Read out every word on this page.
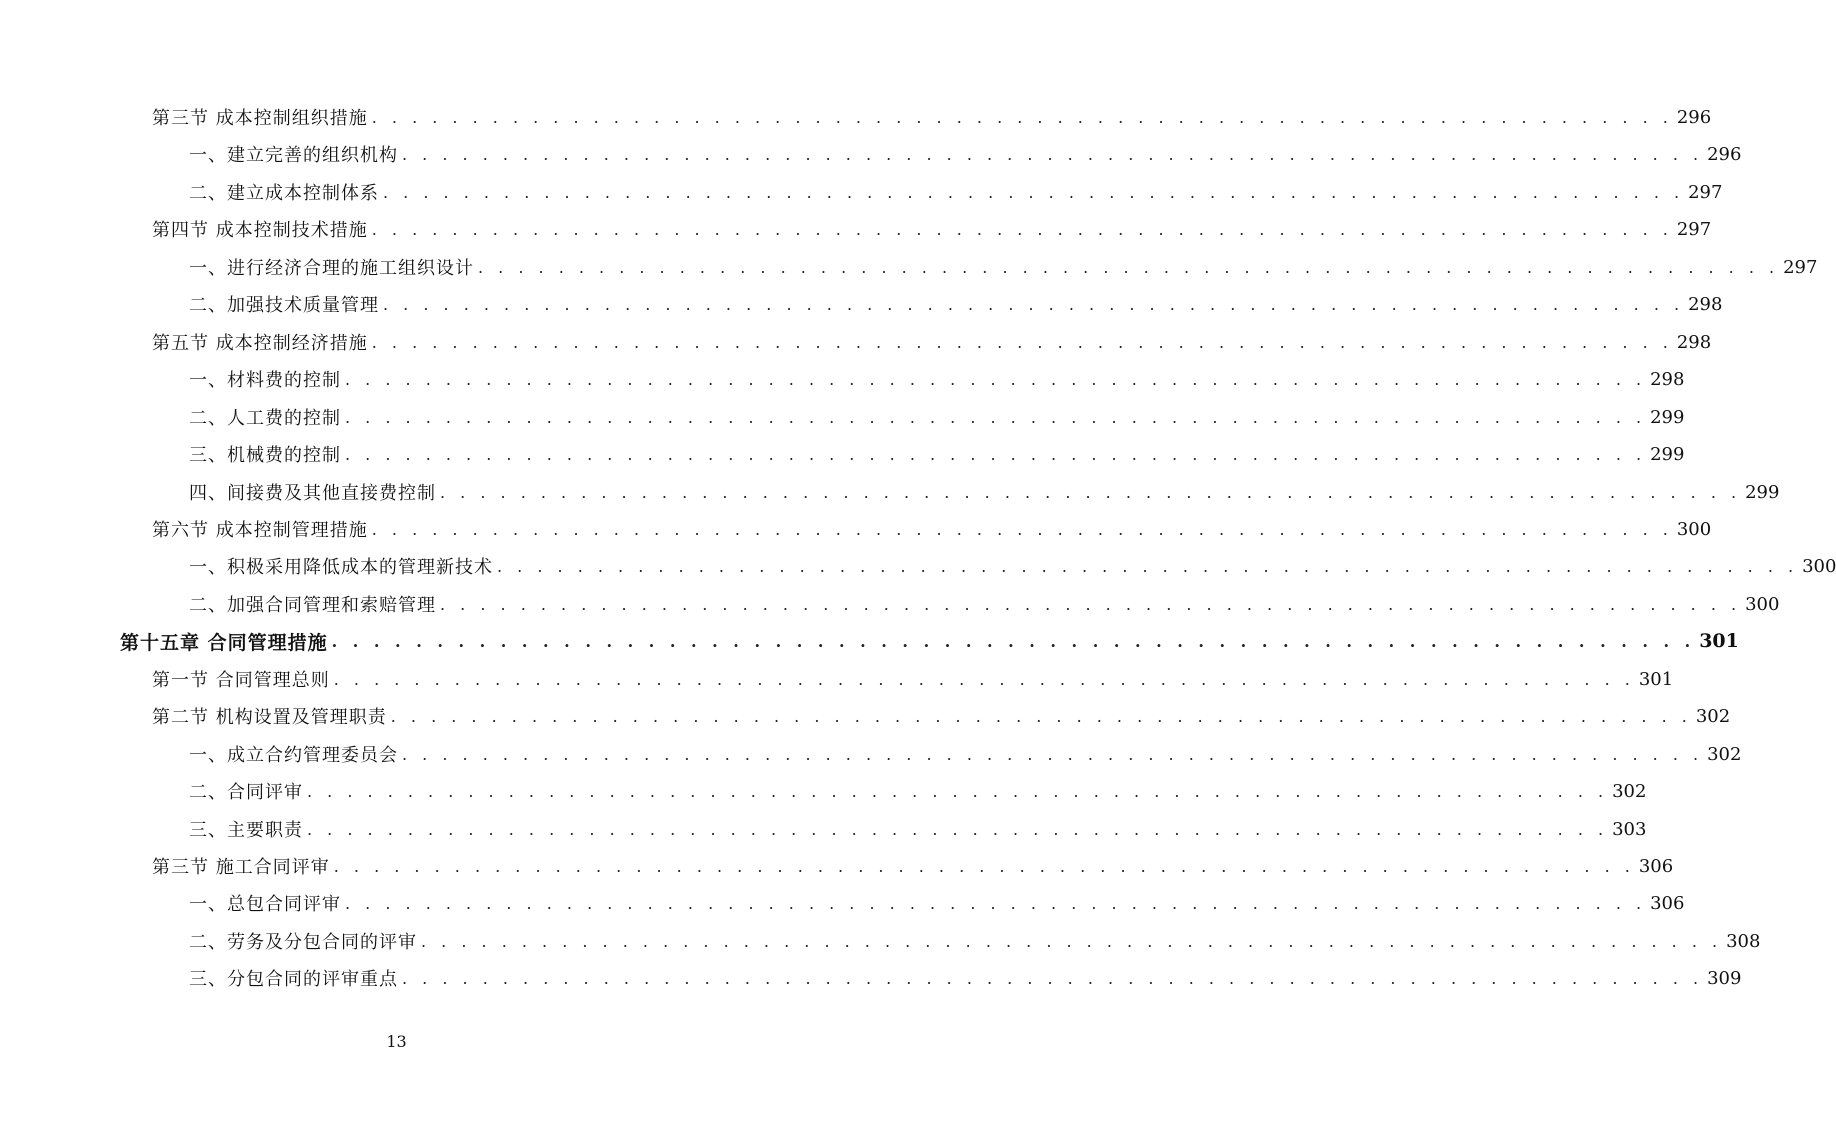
第三节 成本控制组织措施 . . . . . . . . . . . . . . . . . . . . . . . . . . . . . . . . . . . . . . . . . . . . . . . . . . . . . . . . . . . . . . . . . 296
一、建立完善的组织机构 . . . . . . . . . . . . . . . . . . . . . . . . . . . . . . . . . . . . . . . . . . . . . . . . . . . . . . . . . . . . . . . . . 296
二、建立成本控制体系 . . . . . . . . . . . . . . . . . . . . . . . . . . . . . . . . . . . . . . . . . . . . . . . . . . . . . . . . . . . . . . . . . 297
第四节 成本控制技术措施 . . . . . . . . . . . . . . . . . . . . . . . . . . . . . . . . . . . . . . . . . . . . . . . . . . . . . . . . . . . . . . . . . 297
一、进行经济合理的施工组织设计 . . . . . . . . . . . . . . . . . . . . . . . . . . . . . . . . . . . . . . . . . . . . . . . . . . . . . . . . . . . . . . . . . 297
二、加强技术质量管理 . . . . . . . . . . . . . . . . . . . . . . . . . . . . . . . . . . . . . . . . . . . . . . . . . . . . . . . . . . . . . . . . . 298
第五节 成本控制经济措施 . . . . . . . . . . . . . . . . . . . . . . . . . . . . . . . . . . . . . . . . . . . . . . . . . . . . . . . . . . . . . . . . . 298
一、材料费的控制 . . . . . . . . . . . . . . . . . . . . . . . . . . . . . . . . . . . . . . . . . . . . . . . . . . . . . . . . . . . . . . . . . 298
二、人工费的控制 . . . . . . . . . . . . . . . . . . . . . . . . . . . . . . . . . . . . . . . . . . . . . . . . . . . . . . . . . . . . . . . . . 299
三、机械费的控制 . . . . . . . . . . . . . . . . . . . . . . . . . . . . . . . . . . . . . . . . . . . . . . . . . . . . . . . . . . . . . . . . . 299
四、间接费及其他直接费控制 . . . . . . . . . . . . . . . . . . . . . . . . . . . . . . . . . . . . . . . . . . . . . . . . . . . . . . . . . . . . . . . . . 299
第六节 成本控制管理措施 . . . . . . . . . . . . . . . . . . . . . . . . . . . . . . . . . . . . . . . . . . . . . . . . . . . . . . . . . . . . . . . . . 300
一、积极采用降低成本的管理新技术 . . . . . . . . . . . . . . . . . . . . . . . . . . . . . . . . . . . . . . . . . . . . . . . . . . . . . . . . . . . . . . . . . 300
二、加强合同管理和索赔管理 . . . . . . . . . . . . . . . . . . . . . . . . . . . . . . . . . . . . . . . . . . . . . . . . . . . . . . . . . . . . . . . . . 300
第十五章 合同管理措施 . . . . . . . . . . . . . . . . . . . . . . . . . . . . . . . . . . . . . . . . . . . . . . . . . . . . . . . . . . . . . . . . . 301
第一节 合同管理总则 . . . . . . . . . . . . . . . . . . . . . . . . . . . . . . . . . . . . . . . . . . . . . . . . . . . . . . . . . . . . . . . . . 301
第二节 机构设置及管理职责 . . . . . . . . . . . . . . . . . . . . . . . . . . . . . . . . . . . . . . . . . . . . . . . . . . . . . . . . . . . . . . . . . 302
一、成立合约管理委员会 . . . . . . . . . . . . . . . . . . . . . . . . . . . . . . . . . . . . . . . . . . . . . . . . . . . . . . . . . . . . . . . . . 302
二、合同评审 . . . . . . . . . . . . . . . . . . . . . . . . . . . . . . . . . . . . . . . . . . . . . . . . . . . . . . . . . . . . . . . . . 302
三、主要职责 . . . . . . . . . . . . . . . . . . . . . . . . . . . . . . . . . . . . . . . . . . . . . . . . . . . . . . . . . . . . . . . . . 303
第三节 施工合同评审 . . . . . . . . . . . . . . . . . . . . . . . . . . . . . . . . . . . . . . . . . . . . . . . . . . . . . . . . . . . . . . . . . 306
一、总包合同评审 . . . . . . . . . . . . . . . . . . . . . . . . . . . . . . . . . . . . . . . . . . . . . . . . . . . . . . . . . . . . . . . . . 306
二、劳务及分包合同的评审 . . . . . . . . . . . . . . . . . . . . . . . . . . . . . . . . . . . . . . . . . . . . . . . . . . . . . . . . . . . . . . . . . 308
三、分包合同的评审重点 . . . . . . . . . . . . . . . . . . . . . . . . . . . . . . . . . . . . . . . . . . . . . . . . . . . . . . . . . . . . . . . . . 309
13
